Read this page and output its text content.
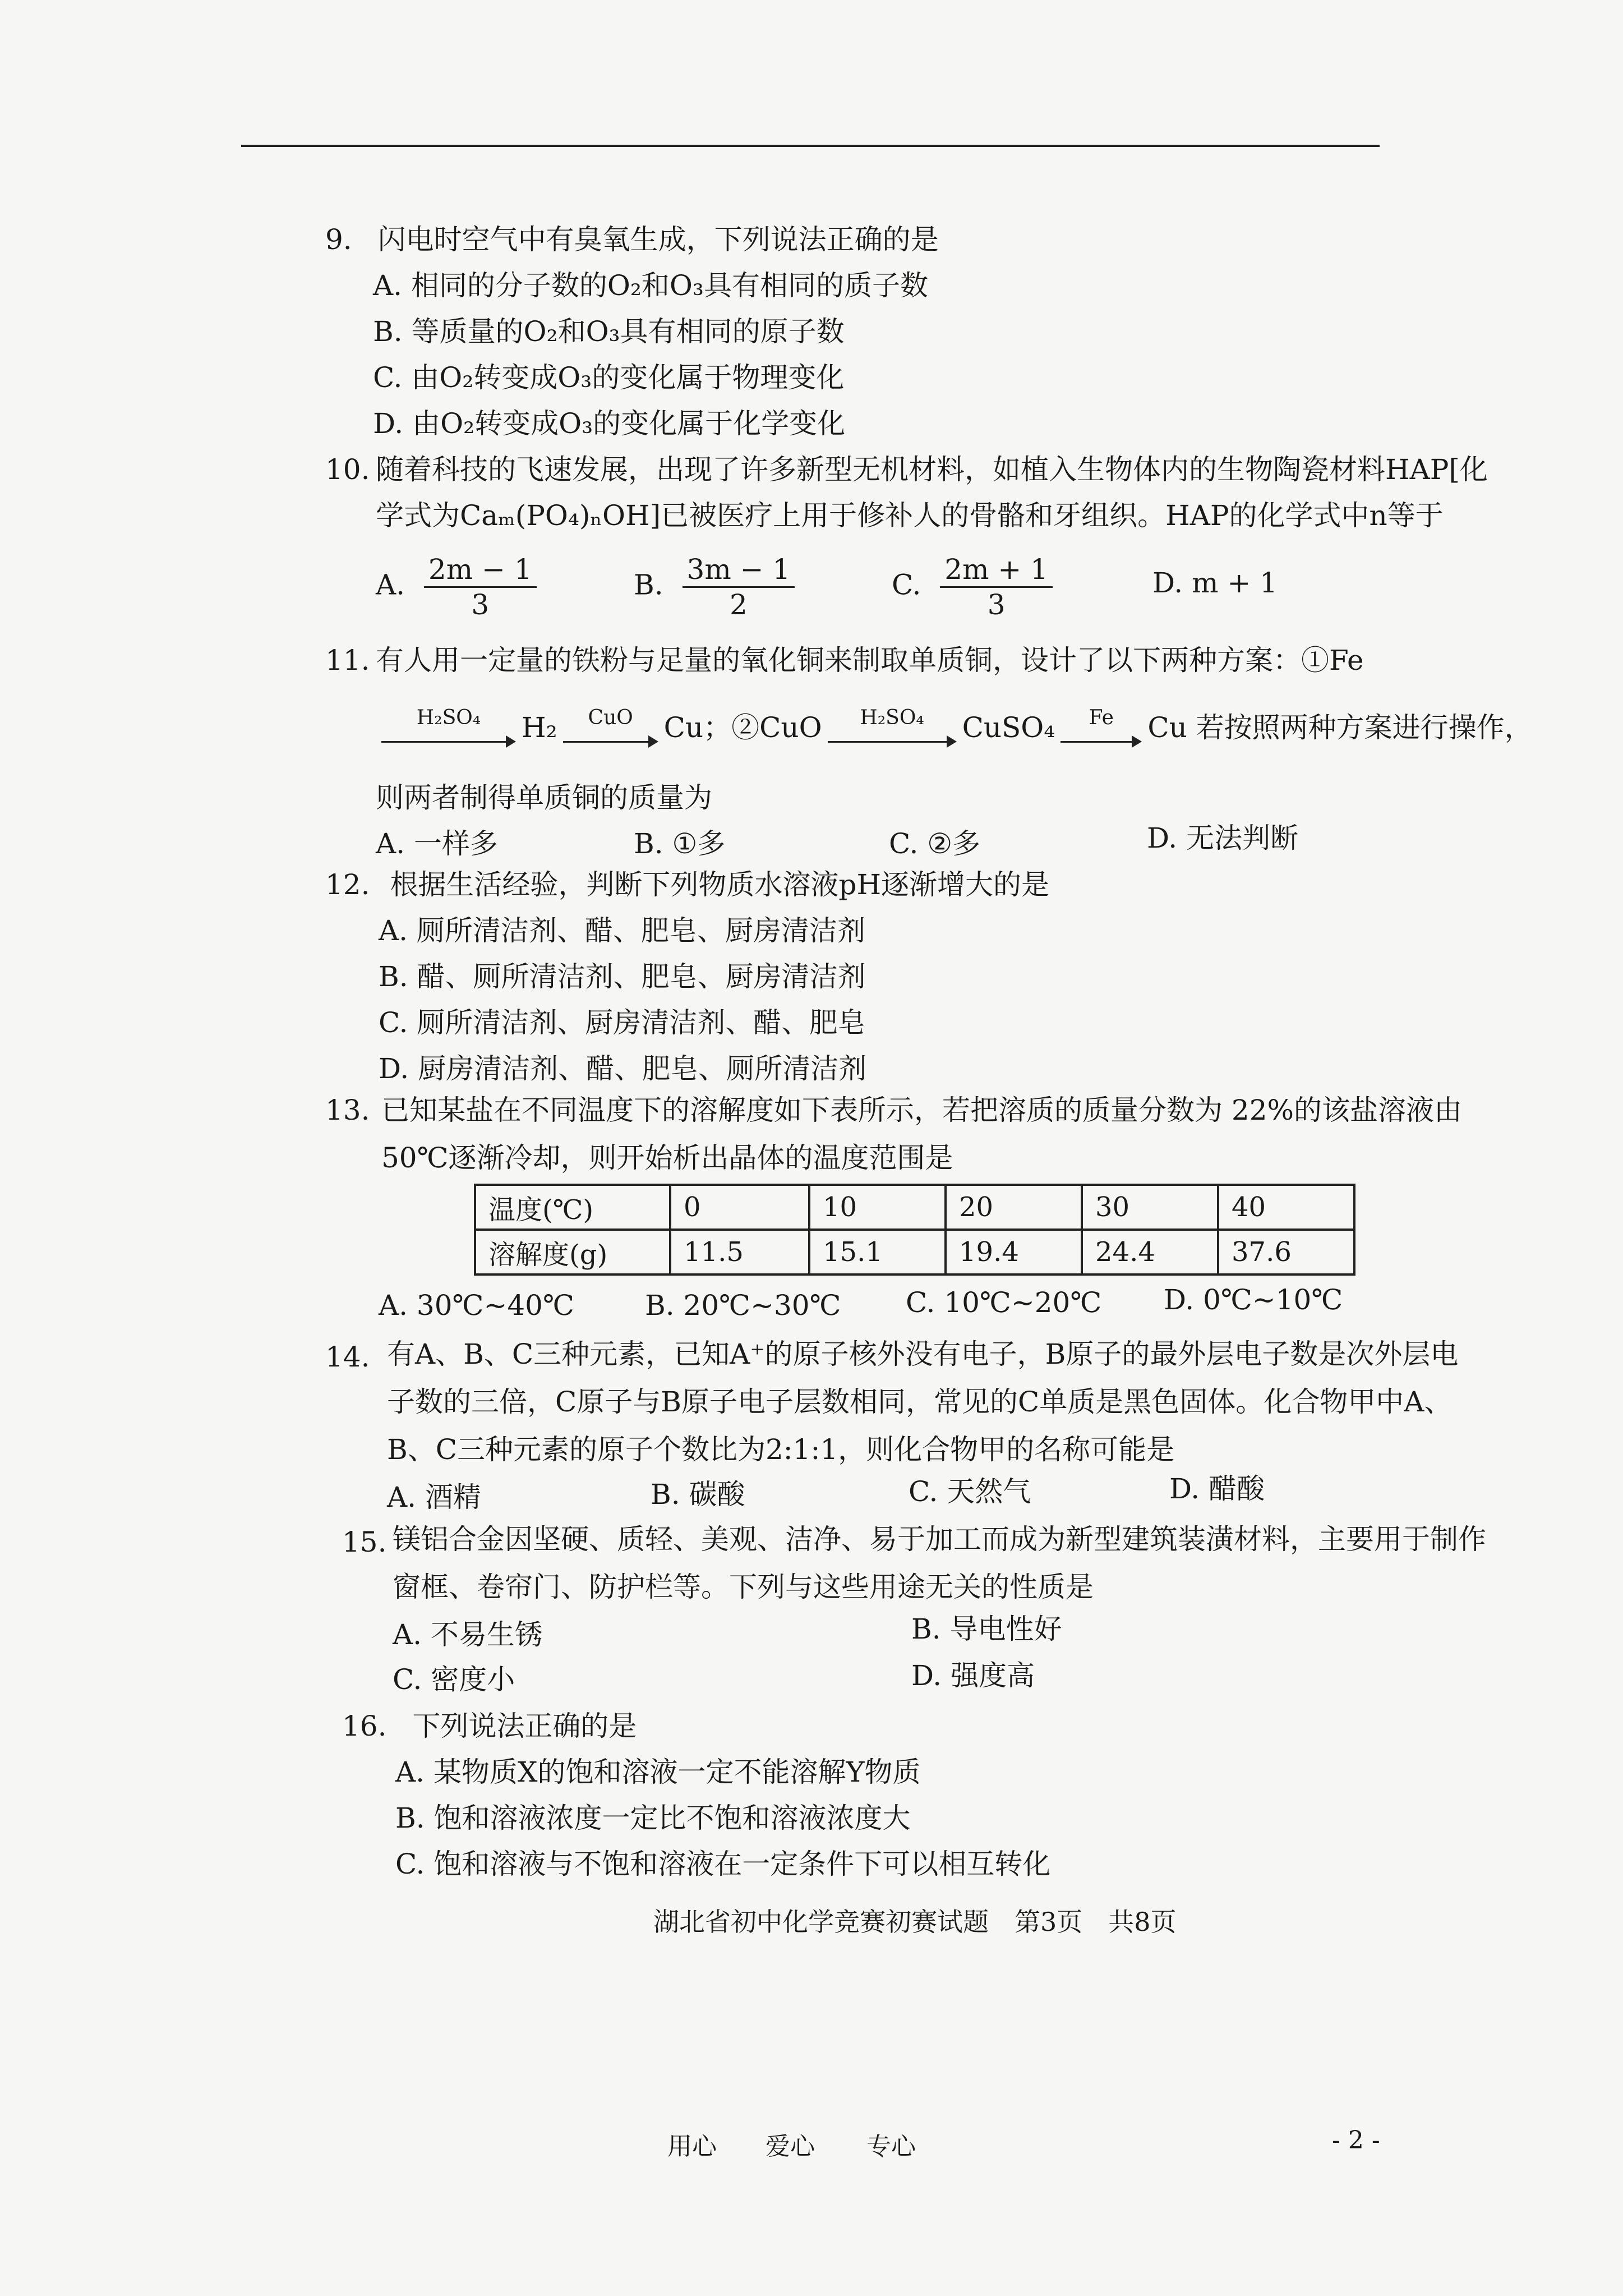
9. 闪电时空气中有臭氧生成，下列说法正确的是
A. 相同的分子数的O₂和O₃具有相同的质子数
B. 等质量的O₂和O₃具有相同的原子数
C. 由O₂转变成O₃的变化属于物理变化
D. 由O₂转变成O₃的变化属于化学变化
10. 随着科技的飞速发展，出现了许多新型无机材料，如植入生物体内的生物陶瓷材料HAP[化
学式为Caₘ(PO₄)ₙOH]已被医疗上用于修补人的骨骼和牙组织。HAP的化学式中n等于
A. $\frac{2m - 1}{3}$	B. $\frac{3m - 1}{2}$	C. $\frac{2m + 1}{3}$	D. m + 1
11. 有人用一定量的铁粉与足量的氧化铜来制取单质铜，设计了以下两种方案：①Fe
H₂SO₄	H₂	CuO	Cu；②CuO	H₂SO₄	CuSO₄	Fe	Cu 若按照两种方案进行操作，
则两者制得单质铜的质量为
A. 一样多	B. ①多	C. ②多	D. 无法判断
12. 根据生活经验，判断下列物质水溶液pH逐渐增大的是
A. 厕所清洁剂、醋、肥皂、厨房清洁剂
B. 醋、厕所清洁剂、肥皂、厨房清洁剂
C. 厕所清洁剂、厨房清洁剂、醋、肥皂
D. 厨房清洁剂、醋、肥皂、厕所清洁剂
13. 已知某盐在不同温度下的溶解度如下表所示，若把溶质的质量分数为 22%的该盐溶液由
50℃逐渐冷却，则开始析出晶体的温度范围是
温度(℃)	0	10	20	30	40
溶解度(g)	11.5	15.1	19.4	24.4	37.6
A. 30℃~40℃	B. 20℃~30℃ C. 10℃~20℃ D. 0℃~10℃
14. 有A、B、C三种元素，已知A⁺的原子核外没有电子，B原子的最外层电子数是次外层电
子数的三倍，C原子与B原子电子层数相同，常见的C单质是黑色固体。化合物甲中A、
B、C三种元素的原子个数比为2:1:1，则化合物甲的名称可能是
A. 酒精	B. 碳酸	C. 天然气	D. 醋酸
15. 镁铝合金因坚硬、质轻、美观、洁净、易于加工而成为新型建筑装潢材料，主要用于制作
窗框、卷帘门、防护栏等。下列与这些用途无关的性质是
A. 不易生锈	B. 导电性好
C. 密度小	D. 强度高
16. 下列说法正确的是
A. 某物质X的饱和溶液一定不能溶解Y物质
B. 饱和溶液浓度一定比不饱和溶液浓度大
C. 饱和溶液与不饱和溶液在一定条件下可以相互转化
湖北省初中化学竞赛初赛试题　第3页　共8页
用心 爱心 专心	- 2 -
